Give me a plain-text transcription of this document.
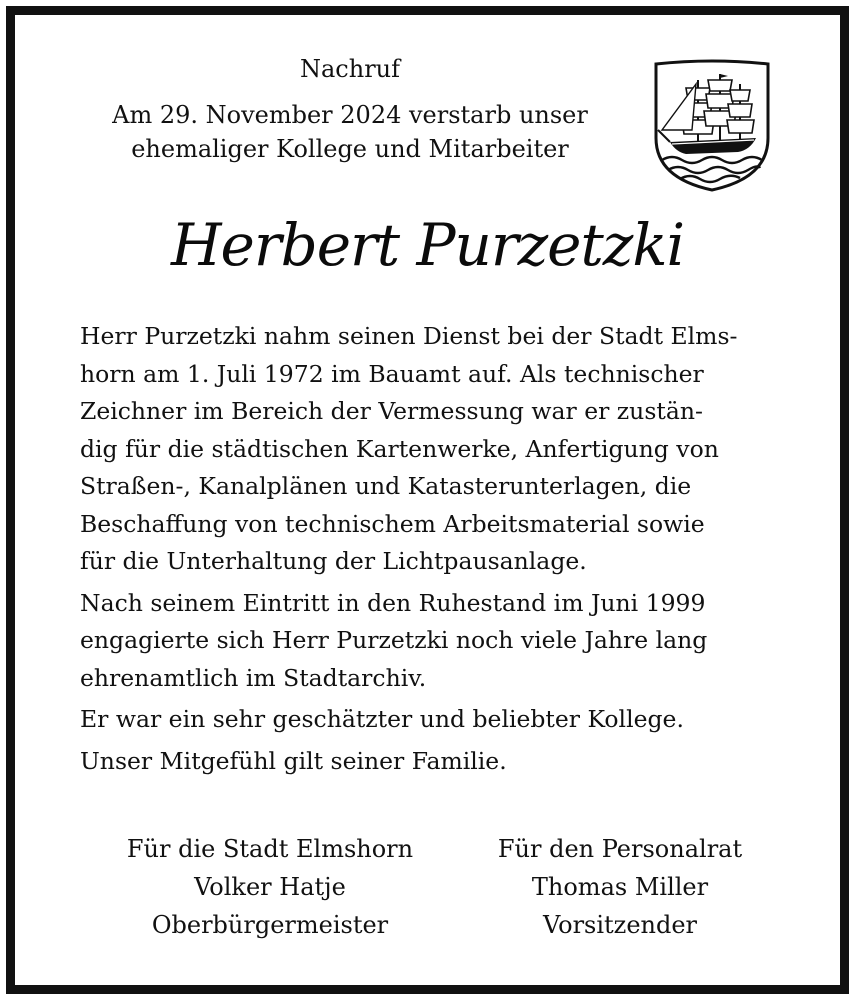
Nachruf
Am 29. November 2024 verstarb unser
ehemaliger Kollege und Mitarbeiter
Herbert Purzetzki

Herr Purzetzki nahm seinen Dienst bei der Stadt Elms-
horn am 1. Juli 1972 im Bauamt auf. Als technischer
Zeichner im Bereich der Vermessung war er zustän-
dig für die städtischen Kartenwerke, Anfertigung von
Straßen-, Kanalplänen und Katasterunterlagen, die
Beschaffung von technischem Arbeitsmaterial sowie
für die Unterhaltung der Lichtpausanlage.

Nach seinem Eintritt in den Ruhestand im Juni 1999
engagierte sich Herr Purzetzki noch viele Jahre lang
ehrenamtlich im Stadtarchiv.

Er war ein sehr geschätzter und beliebter Kollege.

Unser Mitgefühl gilt seiner Familie.

Für die Stadt Elmshorn
Volker Hatje
Oberbürgermeister
Für den Personalrat
Thomas Miller
Vorsitzender
